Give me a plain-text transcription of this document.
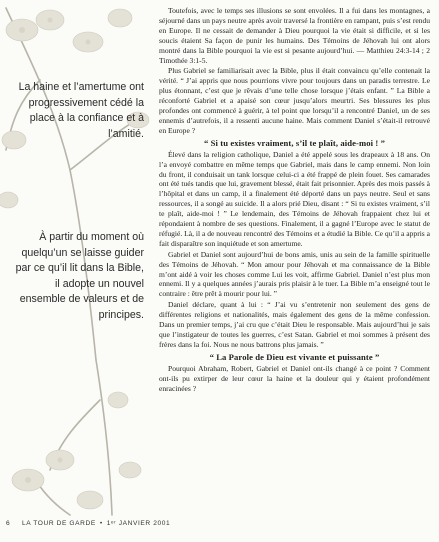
La haine et l’amertume ont progressivement cédé la place à la confiance et à l’amitié.
À partir du moment où quelqu’un se laisse guider par ce qu’il lit dans la Bible, il adopte un nouvel ensemble de valeurs et de principes.

Toutefois, avec le temps ses illusions se sont envolées. Il a fui dans les montagnes, a séjourné dans un pays neutre après avoir traversé la frontière en rampant, puis s’est rendu en Europe. Il ne cessait de demander à Dieu pourquoi la vie était si difficile, et si les soucis étaient Sa façon de punir les humains. Des Témoins de Jéhovah lui ont alors montré dans la Bible pourquoi la vie est si pesante aujourd’hui. — Matthieu 24:3-14 ; 2 Timothée 3:1-5.

Plus Gabriel se familiarisait avec la Bible, plus il était convaincu qu’elle contenait la vérité. “ J’ai appris que nous pourrions vivre pour toujours dans un paradis terrestre. Le plus étonnant, c’est que je rêvais d’une telle chose lorsque j’étais enfant. ” La Bible a réconforté Gabriel et a apaisé son cœur jusqu’alors meurtri. Ses blessures les plus profondes ont commencé à guérir, à tel point que lorsqu’il a rencontré Daniel, un de ses ennemis d’autrefois, il a ressenti aucune haine. Mais comment Daniel s’était-il retrouvé en Europe ?

“ Si tu existes vraiment, s’il te plaît, aide-moi ! ”

Élevé dans la religion catholique, Daniel a été appelé sous les drapeaux à 18 ans. On l’a envoyé combattre en même temps que Gabriel, mais dans le camp ennemi. Non loin du front, il conduisait un tank lorsque celui-ci a été frappé de plein fouet. Ses camarades ont été tués tandis que lui, gravement blessé, était fait prisonnier. Après des mois passés à l’hôpital et dans un camp, il a finalement été déporté dans un pays neutre. Seul et sans ressources, il a songé au suicide. Il a alors prié Dieu, disant : “ Si tu existes vraiment, s’il te plaît, aide-moi ! ” Le lendemain, des Témoins de Jéhovah frappaient chez lui et répondaient à nombre de ses questions. Finalement, il a gagné l’Europe avec le statut de réfugié. Là, il a de nouveau rencontré des Témoins et a étudié la Bible. Ce qu’il a appris a fait disparaître son inquiétude et son amertume.

Gabriel et Daniel sont aujourd’hui de bons amis, unis au sein de la famille spirituelle des Témoins de Jéhovah. “ Mon amour pour Jéhovah et ma connaissance de la Bible m’ont aidé à voir les choses comme Lui les voit, affirme Gabriel. Daniel n’est plus mon ennemi. Il y a quelques années j’aurais pris plaisir à le tuer. La Bible m’a enseigné tout le contraire : être prêt à mourir pour lui. ”

Daniel déclare, quant à lui : “ J’ai vu s’entretenir non seulement des gens de différentes religions et nationalités, mais également des gens de la même confession. Dans un premier temps, j’ai cru que c’était Dieu le responsable. Mais aujourd’hui je sais que l’instigateur de toutes les guerres, c’est Satan. Gabriel et moi sommes à présent des frères dans la foi. Nous ne nous battrons plus jamais. ”

“ La Parole de Dieu est vivante et puissante ”

Pourquoi Abraham, Robert, Gabriel et Daniel ont-ils changé à ce point ? Comment ont-ils pu extirper de leur cœur la haine et la douleur qui y étaient profondément enracinées ?

6 LA TOUR DE GARDE • 1ᵉʳ JANVIER 2001
